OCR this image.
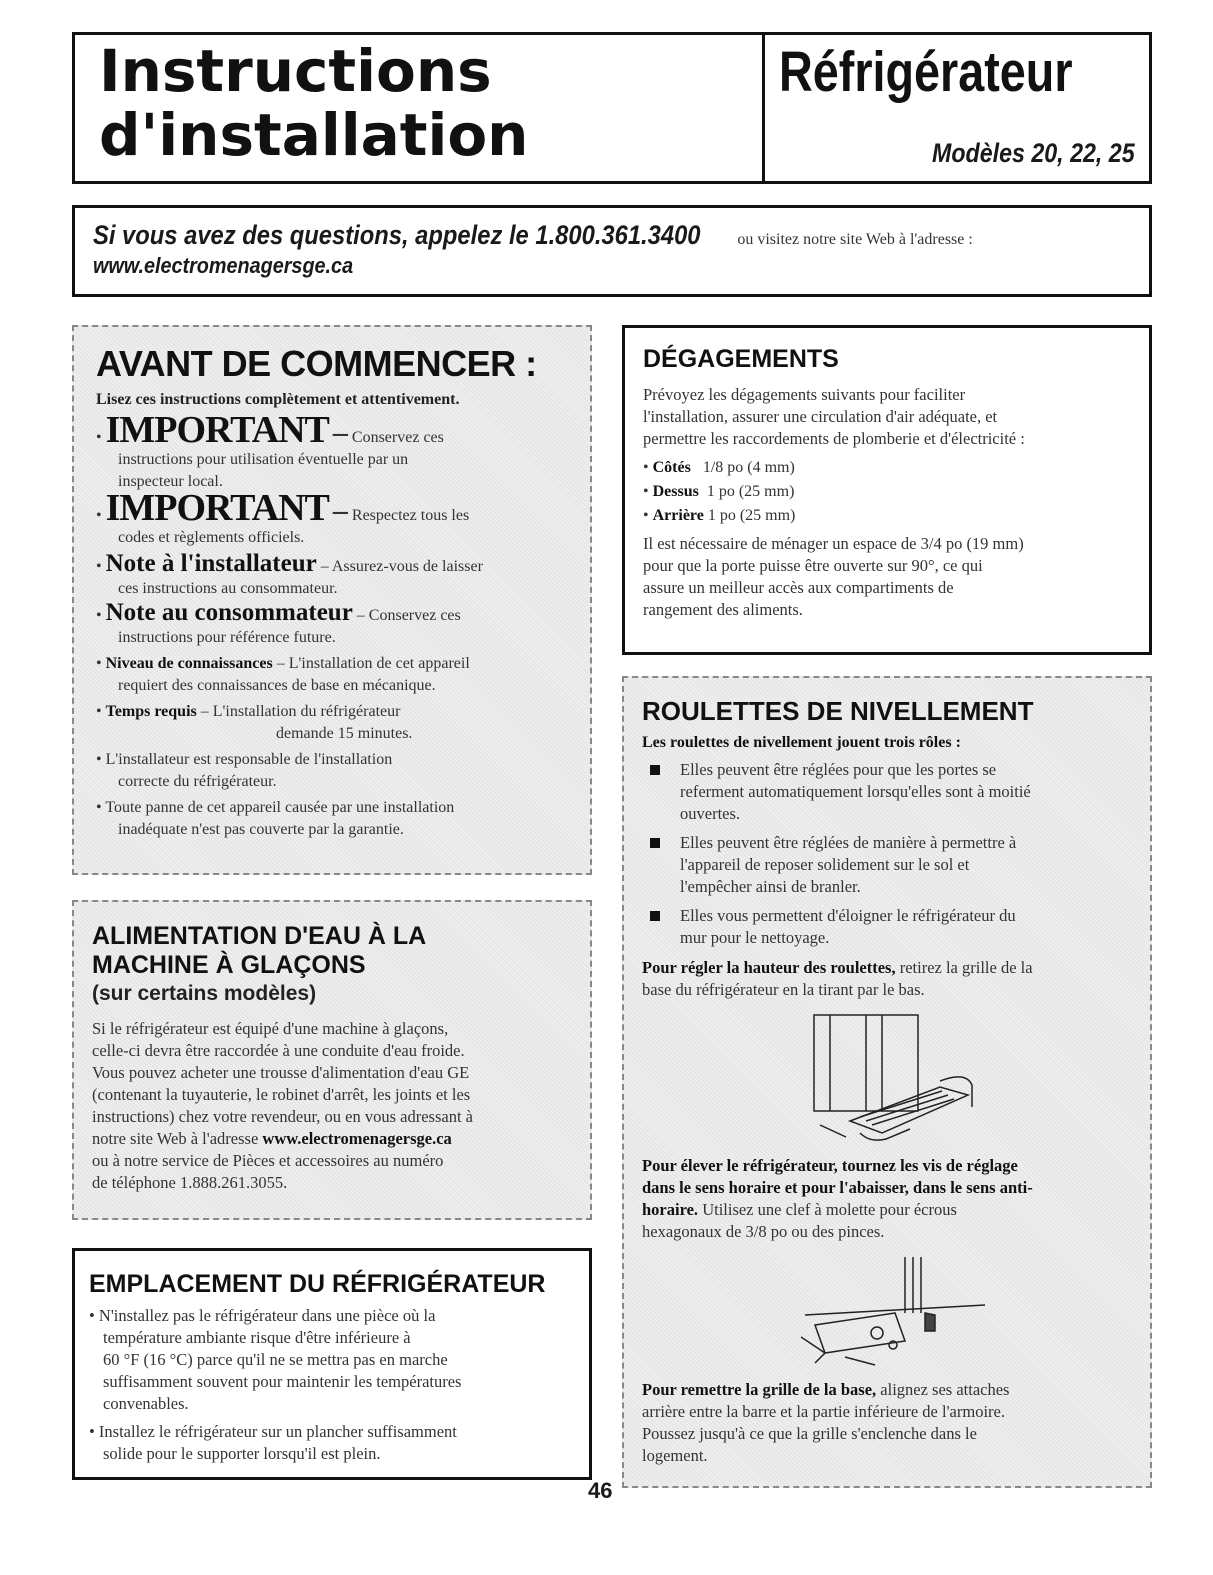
Instructions
d'installation
Réfrigérateur
Modèles 20, 22, 25
Si vous avez des questions, appelez le 1.800.361.3400 ou visitez notre site Web à l'adresse :
www.electromenagersge.ca
AVANT DE COMMENCER :
Lisez ces instructions complètement et attentivement.
• IMPORTANT – Conservez ces
instructions pour utilisation éventuelle par un
inspecteur local.
• IMPORTANT – Respectez tous les
codes et règlements officiels.
• Note à l'installateur – Assurez-vous de laisser
ces instructions au consommateur.
• Note au consommateur – Conservez ces
instructions pour référence future.
• Niveau de connaissances – L'installation de cet appareil
requiert des connaissances de base en mécanique.
• Temps requis – L'installation du réfrigérateur
demande 15 minutes.
• L'installateur est responsable de l'installation
correcte du réfrigérateur.
• Toute panne de cet appareil causée par une installation
inadéquate n'est pas couverte par la garantie.
ALIMENTATION D'EAU À LA
MACHINE À GLAÇONS
(sur certains modèles)
Si le réfrigérateur est équipé d'une machine à glaçons,
celle-ci devra être raccordée à une conduite d'eau froide.
Vous pouvez acheter une trousse d'alimentation d'eau GE
(contenant la tuyauterie, le robinet d'arrêt, les joints et les
instructions) chez votre revendeur, ou en vous adressant à
notre site Web à l'adresse www.electromenagersge.ca
ou à notre service de Pièces et accessoires au numéro
de téléphone 1.888.261.3055.
EMPLACEMENT DU RÉFRIGÉRATEUR
• N'installez pas le réfrigérateur dans une pièce où la
température ambiante risque d'être inférieure à
60 °F (16 °C) parce qu'il ne se mettra pas en marche
suffisamment souvent pour maintenir les températures
convenables.
• Installez le réfrigérateur sur un plancher suffisamment
solide pour le supporter lorsqu'il est plein.
DÉGAGEMENTS
Prévoyez les dégagements suivants pour faciliter
l'installation, assurer une circulation d'air adéquate, et
permettre les raccordements de plomberie et d'électricité :
• Côtés 1/8 po (4 mm)
• Dessus 1 po (25 mm)
• Arrière 1 po (25 mm)
Il est nécessaire de ménager un espace de 3/4 po (19 mm)
pour que la porte puisse être ouverte sur 90°, ce qui
assure un meilleur accès aux compartiments de
rangement des aliments.
ROULETTES DE NIVELLEMENT
Les roulettes de nivellement jouent trois rôles :
Elles peuvent être réglées pour que les portes se
referment automatiquement lorsqu'elles sont à moitié
ouvertes.
Elles peuvent être réglées de manière à permettre à
l'appareil de reposer solidement sur le sol et
l'empêcher ainsi de branler.
Elles vous permettent d'éloigner le réfrigérateur du
mur pour le nettoyage.
Pour régler la hauteur des roulettes, retirez la grille de la
base du réfrigérateur en la tirant par le bas.
Pour élever le réfrigérateur, tournez les vis de réglage
dans le sens horaire et pour l'abaisser, dans le sens anti-
horaire. Utilisez une clef à molette pour écrous
hexagonaux de 3/8 po ou des pinces.
Pour remettre la grille de la base, alignez ses attaches
arrière entre la barre et la partie inférieure de l'armoire.
Poussez jusqu'à ce que la grille s'enclenche dans le
logement.
46
